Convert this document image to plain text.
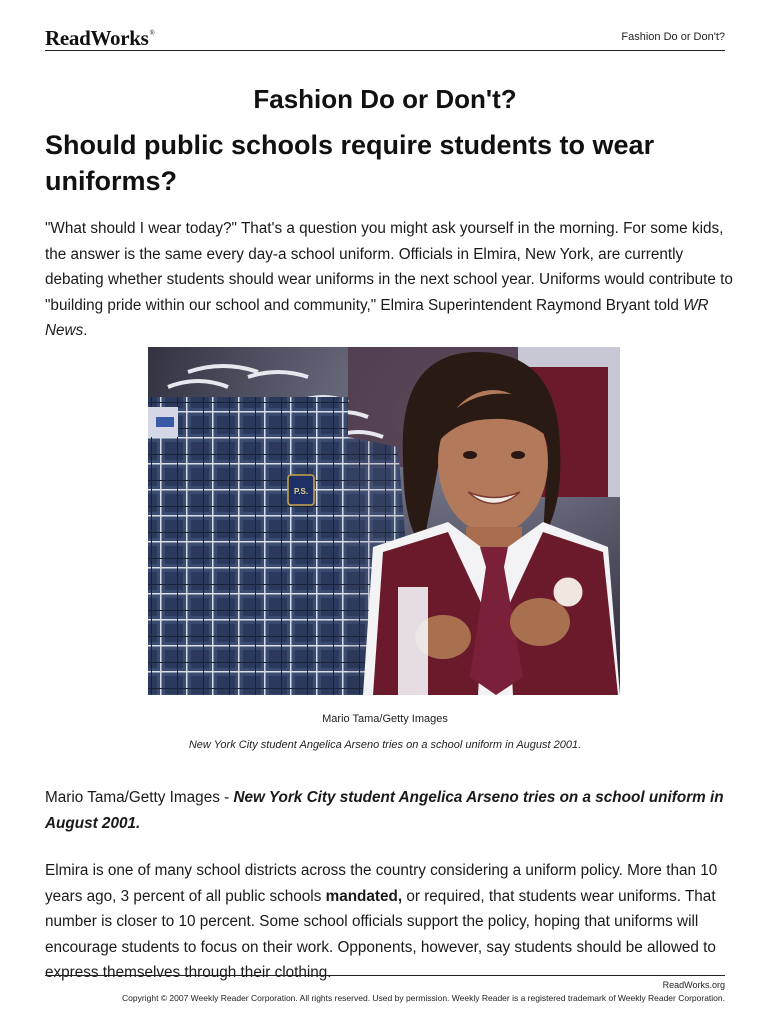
ReadWorks®	Fashion Do or Don't?
Fashion Do or Don't?
Should public schools require students to wear uniforms?

"What should I wear today?" That's a question you might ask yourself in the morning. For some kids, the answer is the same every day-a school uniform. Officials in Elmira, New York, are currently debating whether students should wear uniforms in the next school year. Uniforms would contribute to "building pride within our school and community," Elmira Superintendent Raymond Bryant told WR News.

P.S.
Mario Tama/Getty Images
New York City student Angelica Arseno tries on a school uniform in August 2001.
Mario Tama/Getty Images - New York City student Angelica Arseno tries on a school uniform in August 2001.

Elmira is one of many school districts across the country considering a uniform policy. More than 10 years ago, 3 percent of all public schools mandated, or required, that students wear uniforms. That number is closer to 10 percent. Some school officials support the policy, hoping that uniforms will encourage students to focus on their work. Opponents, however, say students should be allowed to express themselves through their clothing.

ReadWorks.org
Copyright © 2007 Weekly Reader Corporation. All rights reserved. Used by permission. Weekly Reader is a registered trademark of Weekly Reader Corporation.
